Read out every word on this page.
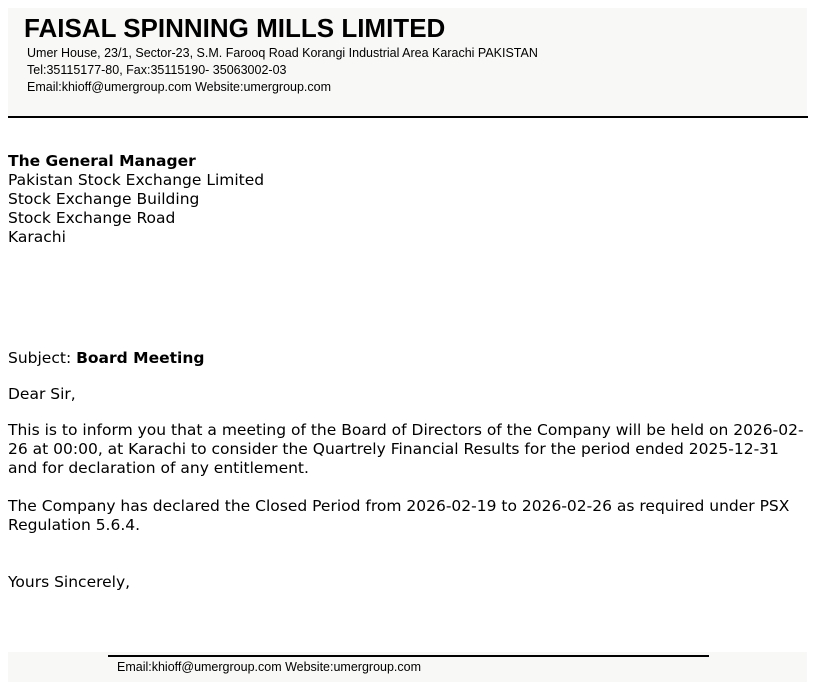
FAISAL SPINNING MILLS LIMITED
Umer House, 23/1, Sector-23, S.M. Farooq Road Korangi Industrial Area Karachi PAKISTAN
Tel:35115177-80, Fax:35115190- 35063002-03
Email:khioff@umergroup.com Website:umergroup.com
The General Manager
Pakistan Stock Exchange Limited
Stock Exchange Building
Stock Exchange Road
Karachi
Subject: Board Meeting
Dear Sir,
This is to inform you that a meeting of the Board of Directors of the Company will be held on 2026-02-26 at 00:00, at Karachi to consider the Quartrely Financial Results for the period ended 2025-12-31 and for declaration of any entitlement.
The Company has declared the Closed Period from 2026-02-19 to 2026-02-26 as required under PSX Regulation 5.6.4.
Yours Sincerely,
Email:khioff@umergroup.com Website:umergroup.com
